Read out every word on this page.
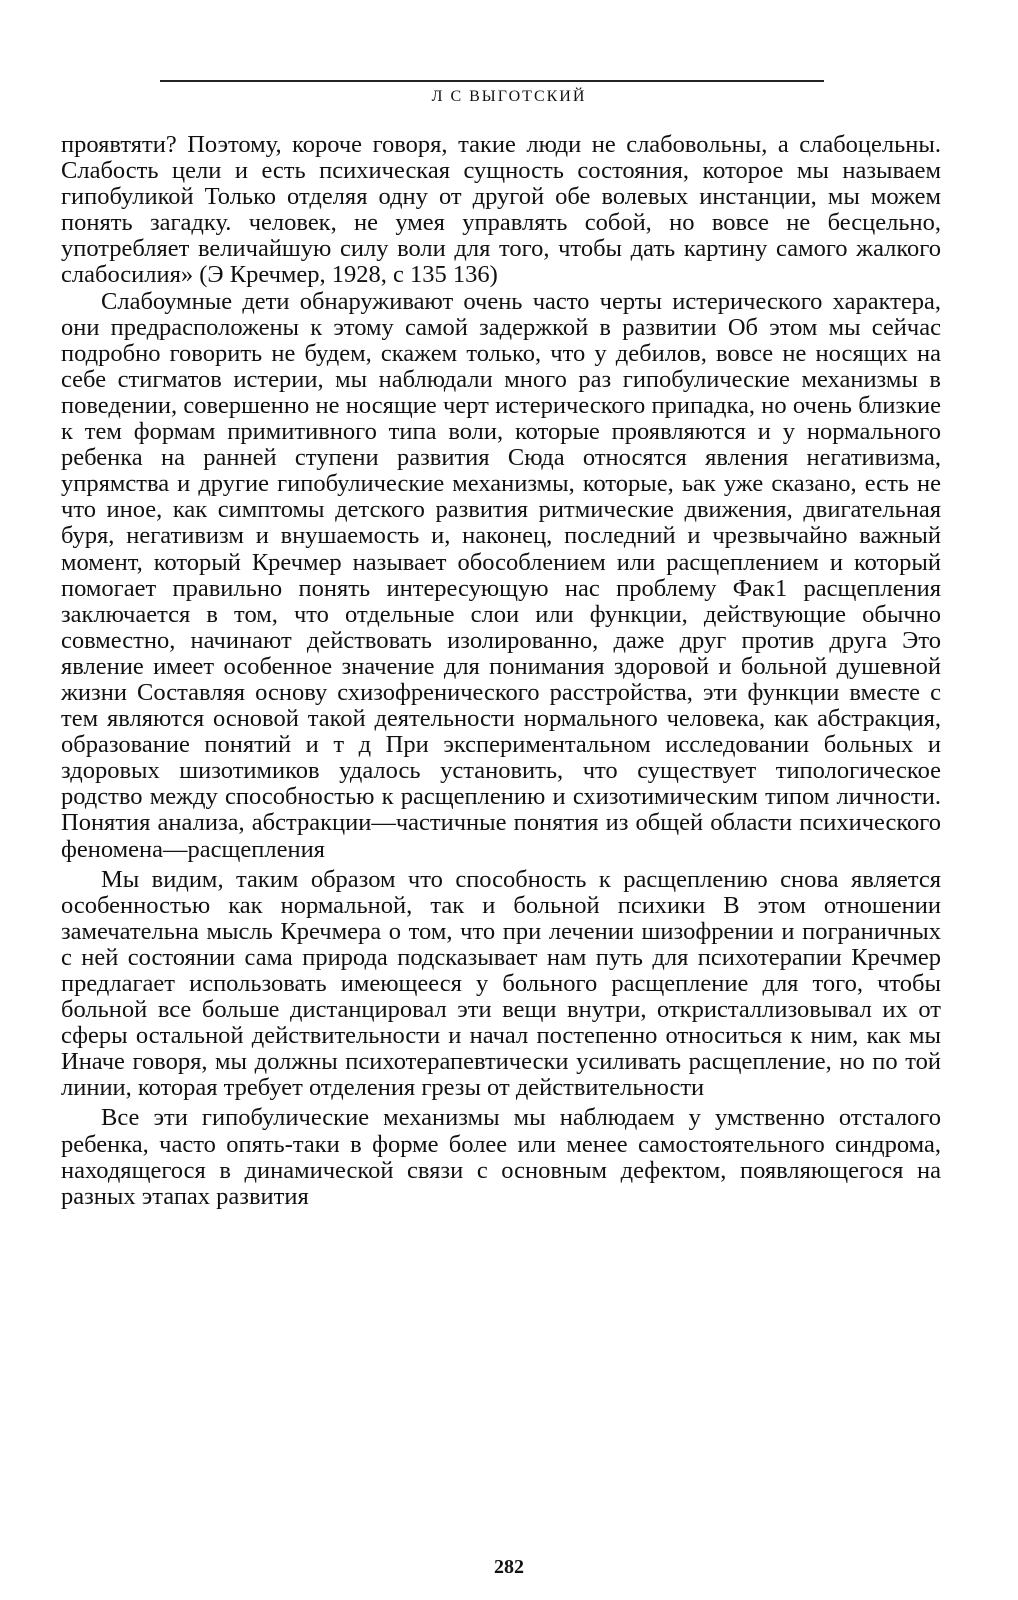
Л С ВЫГОТСКИЙ

проявтяти? Поэтому, короче говоря, такие люди не слабовольны, а слабоцельны. Слабость цели и есть психическая сущность состояния, которое мы называем гипобуликой Только отделяя одну от другой обе волевых инстанции, мы можем понять загадку. человек, не умея управлять собой, но вовсе не бесцельно, употребляет величайшую силу воли для того, чтобы дать картину самого жалкого слабосилия» (Э Кречмер, 1928, с 135 136)

Слабоумные дети обнаруживают очень часто черты истерического характера, они предрасположены к этому самой задержкой в развитии Об этом мы сейчас подробно говорить не будем, скажем только, что у дебилов, вовсе не носящих на себе стигматов истерии, мы наблюдали много раз гипобулические механизмы в поведении, совершенно не носящие черт истерического припадка, но очень близкие к тем формам примитивного типа воли, которые проявляются и у нормального ребенка на ранней ступени развития Сюда относятся явления негативизма, упрямства и другие гипобулические механизмы, которые, ьак уже сказано, есть не что иное, как симптомы детского развития ритмические движения, двигательная буря, негативизм и внушаемость и, наконец, последний и чрезвычайно важный момент, который Кречмер называет обособлением или расщеплением и который помогает правильно понять интересующую нас проблему Фак1 расщепления заключается в том, что отдельные слои или функции, действующие обычно совместно, начинают действовать изолированно, даже друг против друга Это явление имеет особенное значение для понимания здоровой и больной душевной жизни Составляя основу схизофренического расстройства, эти функции вместе с тем являются основой такой деятельности нормального человека, как абстракция, образование понятий и т д При экспериментальном исследовании больных и здоровых шизотимиков удалось установить, что существует типологическое родство между способностью к расщеплению и схизотимическим типом личности. Понятия анализа, абстракции—частичные понятия из общей области психического феномена—расщепления

Мы видим, таким образом что способность к расщеплению снова является особенностью как нормальной, так и больной психики В этом отношении замечательна мысль Кречмера о том, что при лечении шизофрении и пограничных с ней состоянии сама природа подсказывает нам путь для психотерапии Кречмер предлагает использовать имеющееся у больного расщепление для того, чтобы больной все больше дистанцировал эти вещи внутри, откристаллизовывал их от сферы остальной действительности и начал постепенно относиться к ним, как мы Иначе говоря, мы должны психотерапевтически усиливать расщепление, но по той линии, которая требует отделения грезы от действительности

Все эти гипобулические механизмы мы наблюдаем у умственно отсталого ребенка, часто опять-таки в форме более или менее самостоятельного синдрома, находящегося в динамической связи с основным дефектом, появляющегося на разных этапах развития

282
